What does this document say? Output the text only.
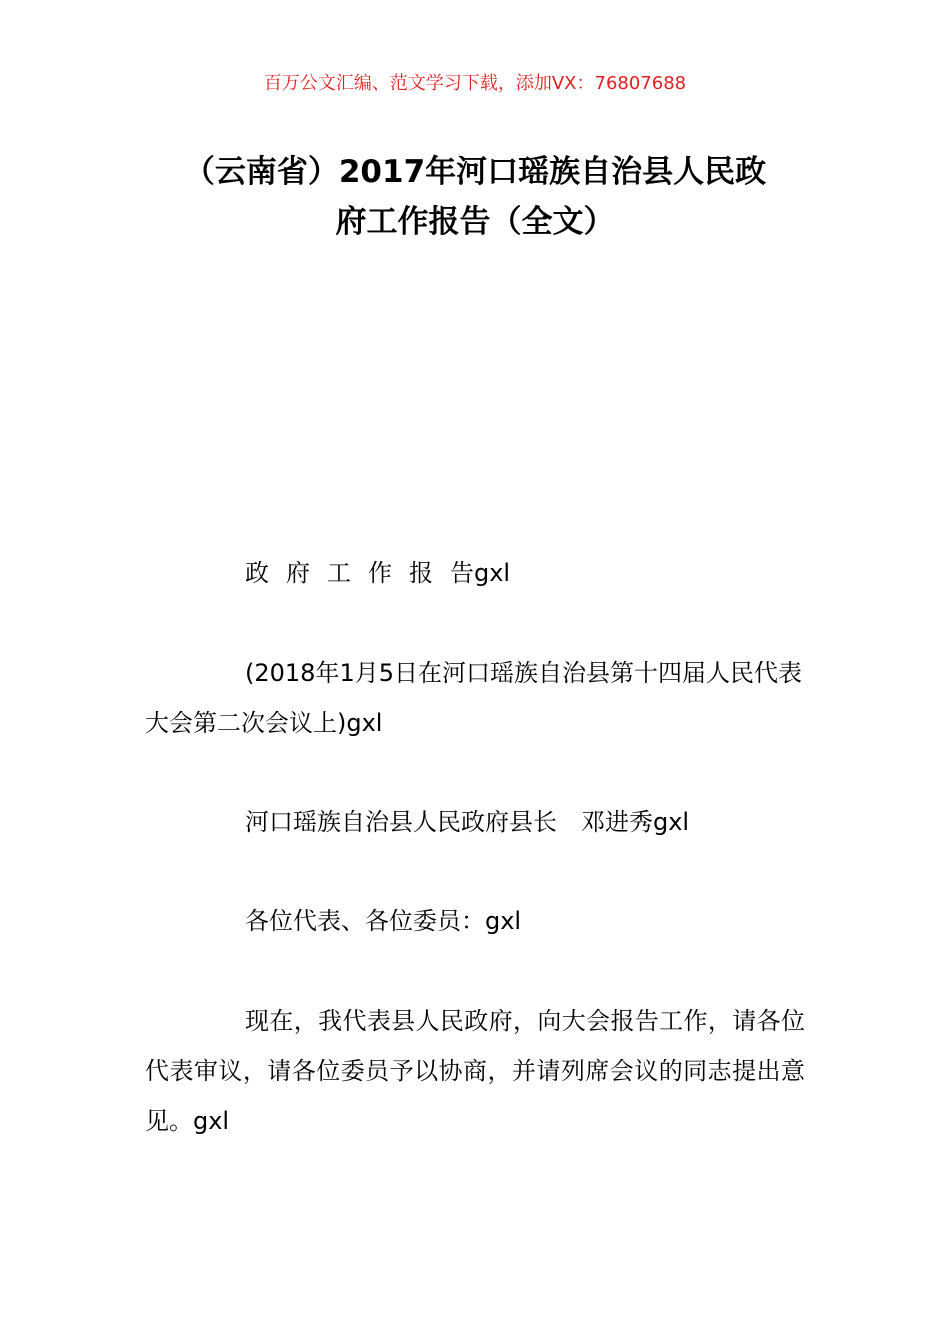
百万公文汇编、范文学习下载，添加VX：76807688
（云南省）2017年河口瑶族自治县人民政
府工作报告（全文）
政府工作报告gxl
(2018年1月5日在河口瑶族自治县第十四届人民代表大会第二次会议上)gxl
河口瑶族自治县人民政府县长　邓进秀gxl
各位代表、各位委员：gxl
现在，我代表县人民政府，向大会报告工作，请各位代表审议，请各位委员予以协商，并请列席会议的同志提出意见。gxl
